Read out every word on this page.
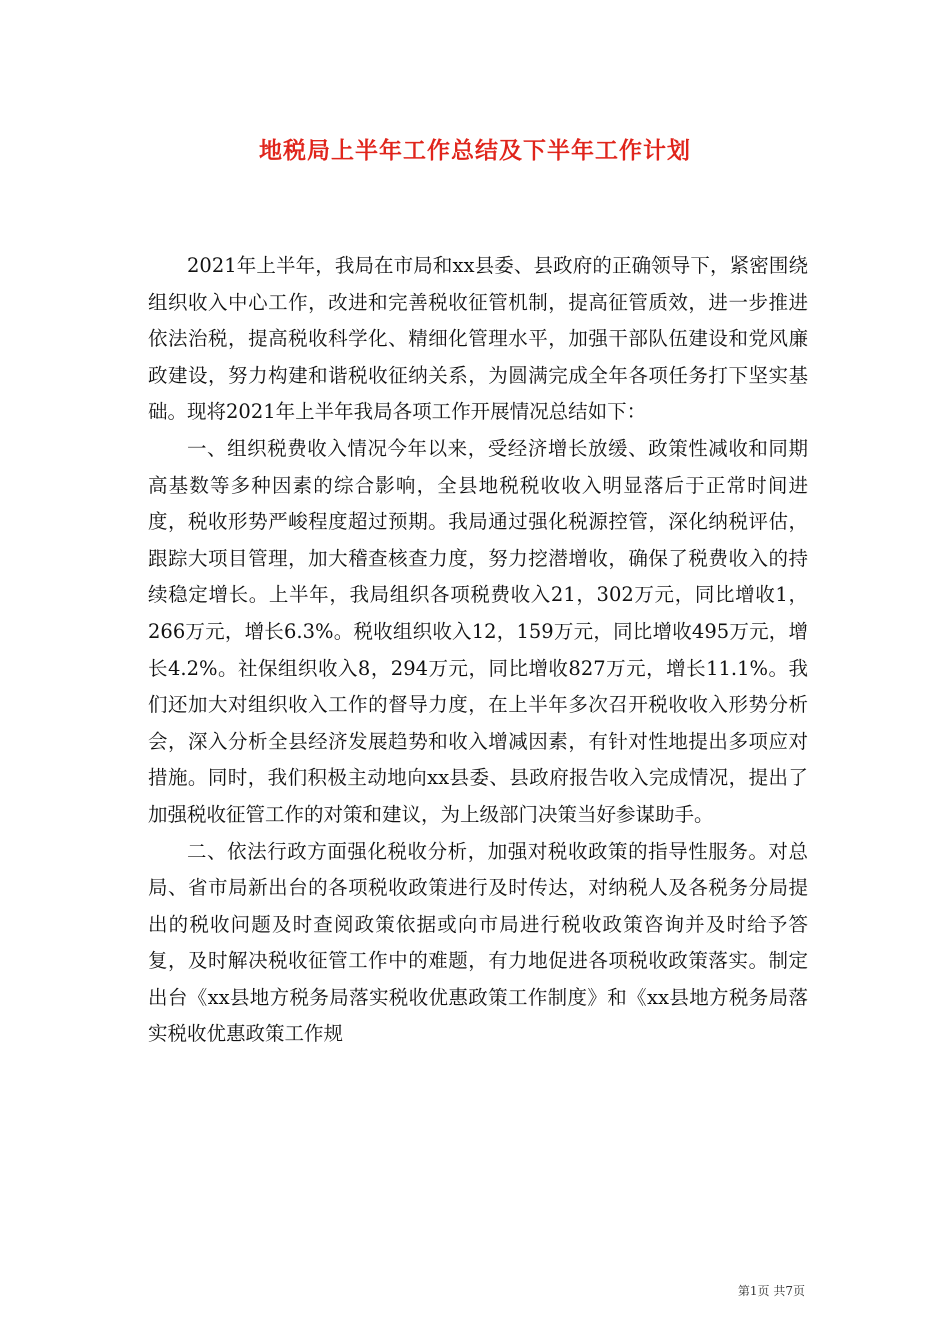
地税局上半年工作总结及下半年工作计划

2021年上半年，我局在市局和xx县委、县政府的正确领导下，紧密围绕组织收入中心工作，改进和完善税收征管机制，提高征管质效，进一步推进依法治税，提高税收科学化、精细化管理水平，加强干部队伍建设和党风廉政建设，努力构建和谐税收征纳关系，为圆满完成全年各项任务打下坚实基础。现将2021年上半年我局各项工作开展情况总结如下：

一、组织税费收入情况今年以来，受经济增长放缓、政策性减收和同期高基数等多种因素的综合影响，全县地税税收收入明显落后于正常时间进度，税收形势严峻程度超过预期。我局通过强化税源控管，深化纳税评估，跟踪大项目管理，加大稽查核查力度，努力挖潜增收，确保了税费收入的持续稳定增长。上半年，我局组织各项税费收入21，302万元，同比增收1，266万元，增长6.3%。税收组织收入12，159万元，同比增收495万元，增长4.2%。社保组织收入8，294万元，同比增收827万元，增长11.1%。我们还加大对组织收入工作的督导力度，在上半年多次召开税收收入形势分析会，深入分析全县经济发展趋势和收入增减因素，有针对性地提出多项应对措施。同时，我们积极主动地向xx县委、县政府报告收入完成情况，提出了加强税收征管工作的对策和建议，为上级部门决策当好参谋助手。

二、依法行政方面强化税收分析，加强对税收政策的指导性服务。对总局、省市局新出台的各项税收政策进行及时传达，对纳税人及各税务分局提出的税收问题及时查阅政策依据或向市局进行税收政策咨询并及时给予答复，及时解决税收征管工作中的难题，有力地促进各项税收政策落实。制定出台《xx县地方税务局落实税收优惠政策工作制度》和《xx县地方税务局落实税收优惠政策工作规

第1页 共7页
